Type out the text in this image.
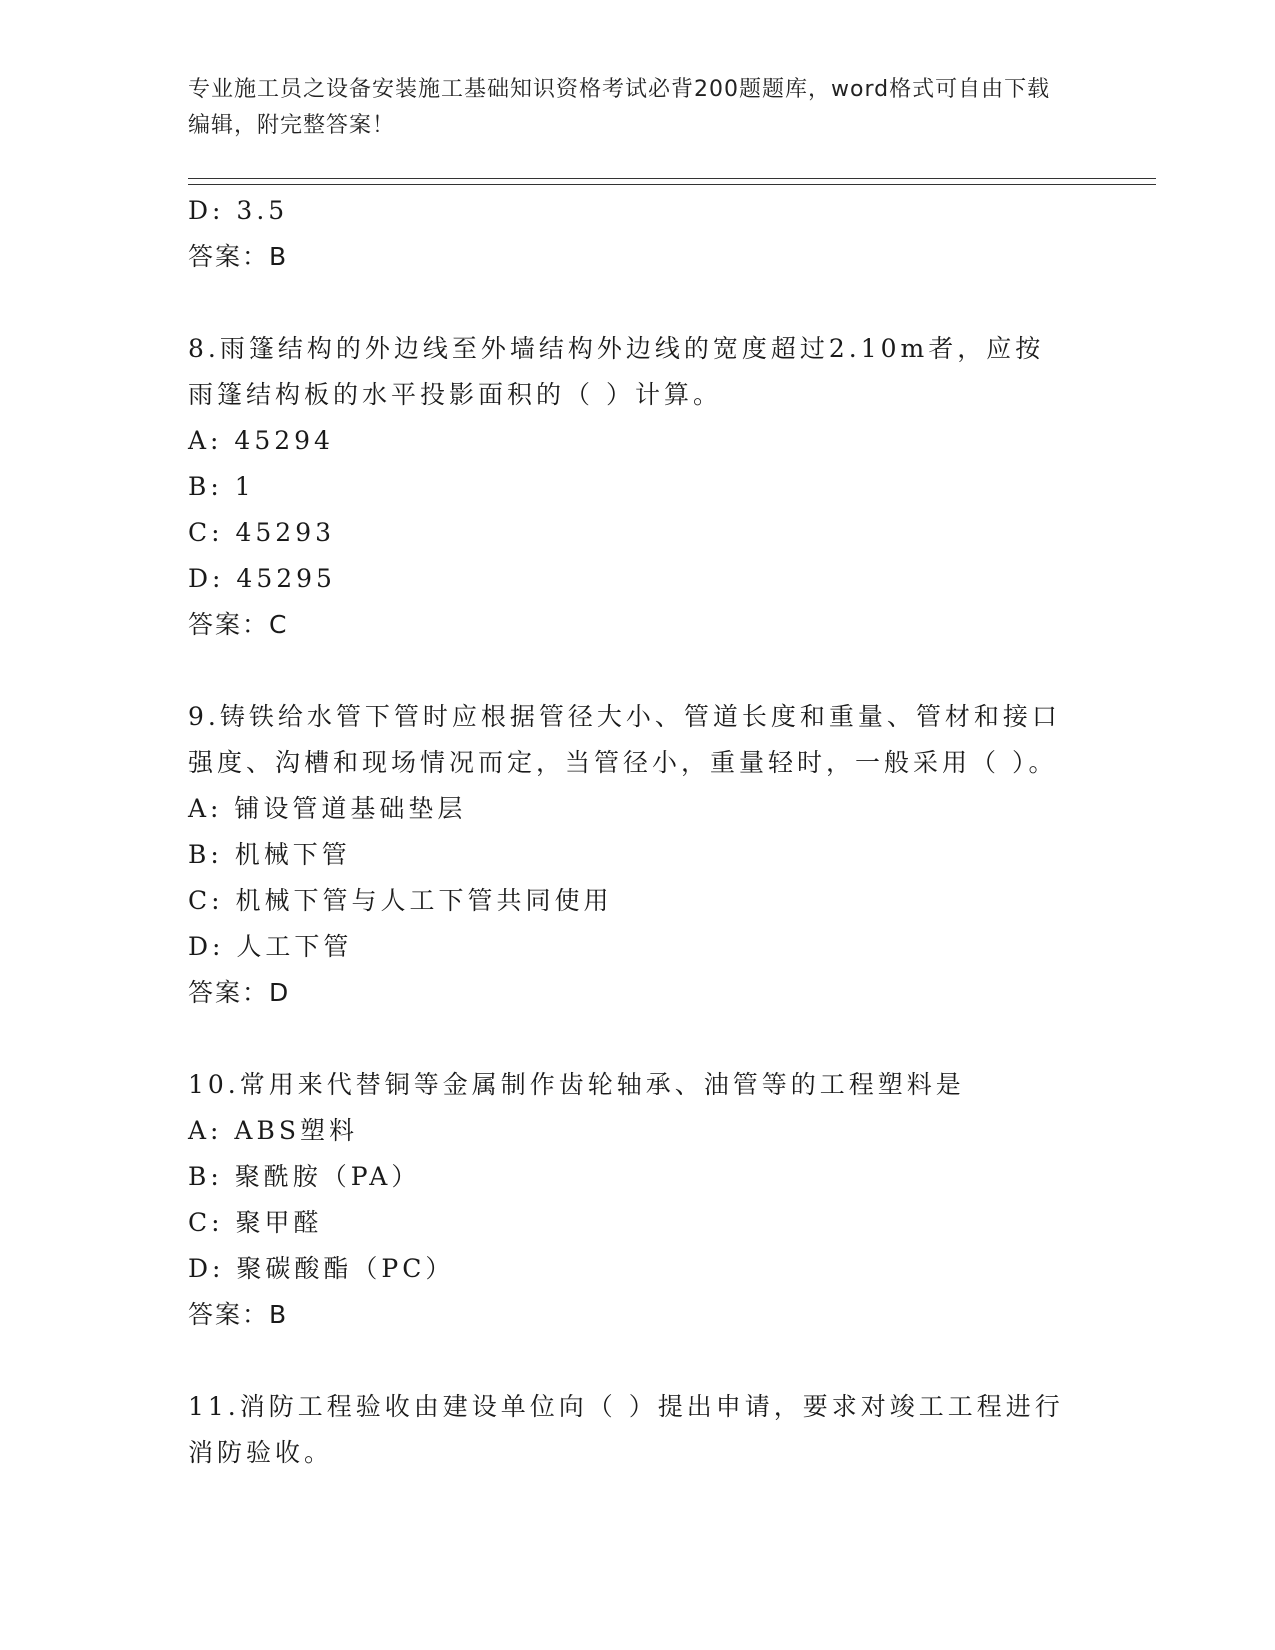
专业施工员之设备安装施工基础知识资格考试必背200题题库，word格式可自由下载编辑，附完整答案！
D: 3.5
答案：B
8.雨篷结构的外边线至外墙结构外边线的宽度超过2.10m者，应按雨篷结构板的水平投影面积的（ ）计算。
A: 45294
B: 1
C: 45293
D: 45295
答案：C
9.铸铁给水管下管时应根据管径大小、管道长度和重量、管材和接口强度、沟槽和现场情况而定，当管径小，重量轻时，一般采用（ ）。
A: 铺设管道基础垫层
B: 机械下管
C: 机械下管与人工下管共同使用
D: 人工下管
答案：D
10.常用来代替铜等金属制作齿轮轴承、油管等的工程塑料是
A: ABS塑料
B: 聚酰胺（PA）
C: 聚甲醛
D: 聚碳酸酯（PC）
答案：B
11.消防工程验收由建设单位向（ ）提出申请，要求对竣工工程进行消防验收。
